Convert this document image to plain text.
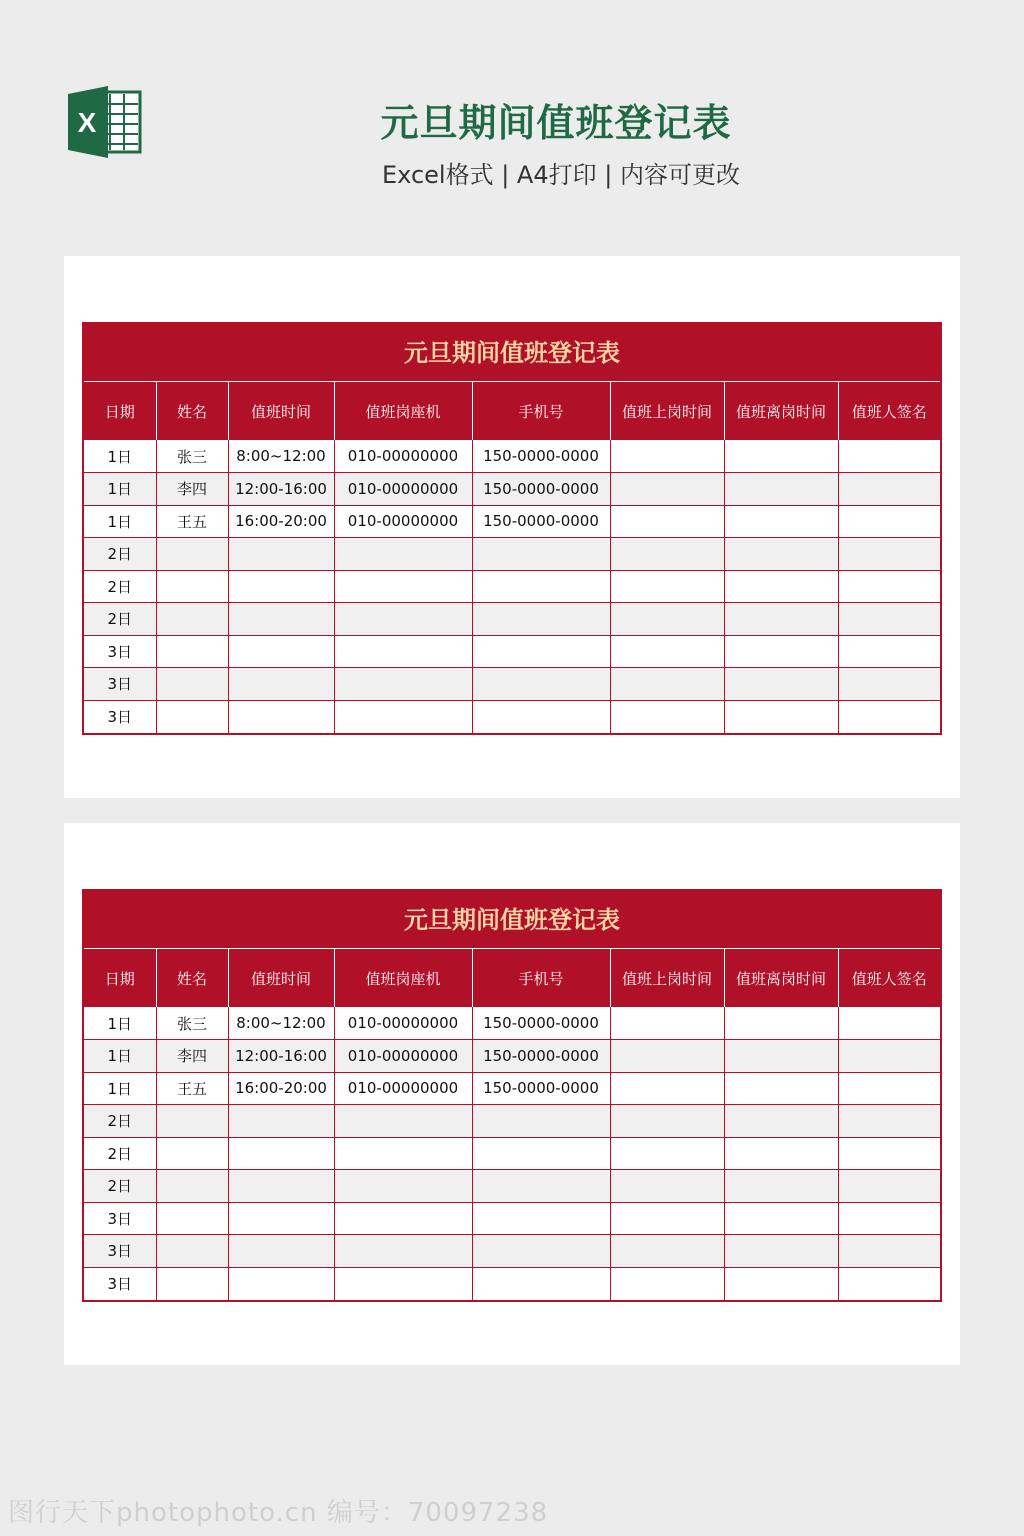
X	元旦期间值班登记表
Excel格式 | A4打印 | 内容可更改
元旦期间值班登记表
日期	姓名	值班时间	值班岗座机	手机号	值班上岗时间	值班离岗时间	值班人签名
1日	张三	8:00~12:00	010-00000000	150-0000-0000			
1日	李四	12:00-16:00	010-00000000	150-0000-0000			
1日	王五	16:00-20:00	010-00000000	150-0000-0000			
2日							
2日							
2日							
3日							
3日							
3日							
元旦期间值班登记表
日期	姓名	值班时间	值班岗座机	手机号	值班上岗时间	值班离岗时间	值班人签名
1日	张三	8:00~12:00	010-00000000	150-0000-0000			
1日	李四	12:00-16:00	010-00000000	150-0000-0000			
1日	王五	16:00-20:00	010-00000000	150-0000-0000			
2日							
2日							
2日							
3日							
3日							
3日							
图行天下photophoto.cn 编号：70097238
